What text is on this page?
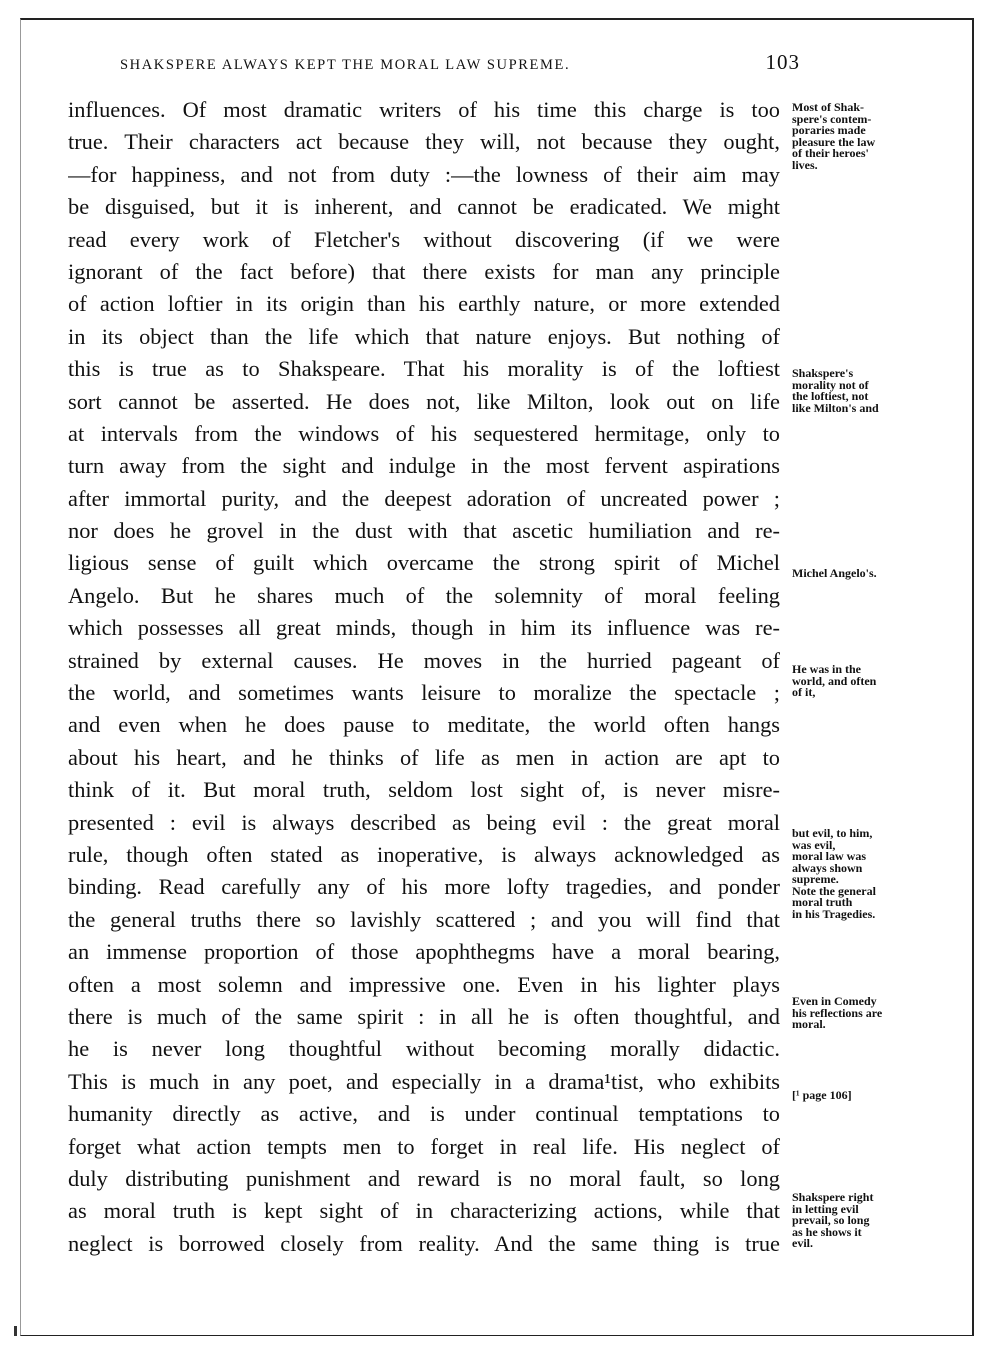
SHAKSPERE ALWAYS KEPT THE MORAL LAW SUPREME.	103
influences. Of most dramatic writers of his time this charge is too
true. Their characters act because they will, not because they ought,
—for happiness, and not from duty :—the lowness of their aim may
be disguised, but it is inherent, and cannot be eradicated. We might
read every work of Fletcher's without discovering (if we were
ignorant of the fact before) that there exists for man any principle
of action loftier in its origin than his earthly nature, or more extended
in its object than the life which that nature enjoys. But nothing of
this is true as to Shakspeare. That his morality is of the loftiest
sort cannot be asserted. He does not, like Milton, look out on life
at intervals from the windows of his sequestered hermitage, only to
turn away from the sight and indulge in the most fervent aspirations
after immortal purity, and the deepest adoration of uncreated power ;
nor does he grovel in the dust with that ascetic humiliation and re-
ligious sense of guilt which overcame the strong spirit of Michel
Angelo. But he shares much of the solemnity of moral feeling
which possesses all great minds, though in him its influence was re-
strained by external causes. He moves in the hurried pageant of
the world, and sometimes wants leisure to moralize the spectacle ;
and even when he does pause to meditate, the world often hangs
about his heart, and he thinks of life as men in action are apt to
think of it. But moral truth, seldom lost sight of, is never misre-
presented : evil is always described as being evil : the great moral
rule, though often stated as inoperative, is always acknowledged as
binding. Read carefully any of his more lofty tragedies, and ponder
the general truths there so lavishly scattered ; and you will find that
an immense proportion of those apophthegms have a moral bearing,
often a most solemn and impressive one. Even in his lighter plays
there is much of the same spirit : in all he is often thoughtful, and
he is never long thoughtful without becoming morally didactic.
This is much in any poet, and especially in a drama¹tist, who exhibits
humanity directly as active, and is under continual temptations to
forget what action tempts men to forget in real life. His neglect of
duly distributing punishment and reward is no moral fault, so long
as moral truth is kept sight of in characterizing actions, while that
neglect is borrowed closely from reality. And the same thing is true
Most of Shak-
spere's contem-
poraries made
pleasure the law
of their heroes'
lives.
Shakspere's
morality not of
the loftiest, not
like Milton's and
Michel Angelo's.
He was in the
world, and often
of it,
but evil, to him,
was evil,
moral law was
always shown
supreme.
Note the general
moral truth
in his Tragedies.
Even in Comedy
his reflections are
moral.
[¹ page 106]
Shakspere right
in letting evil
prevail, so long
as he shows it
evil.
